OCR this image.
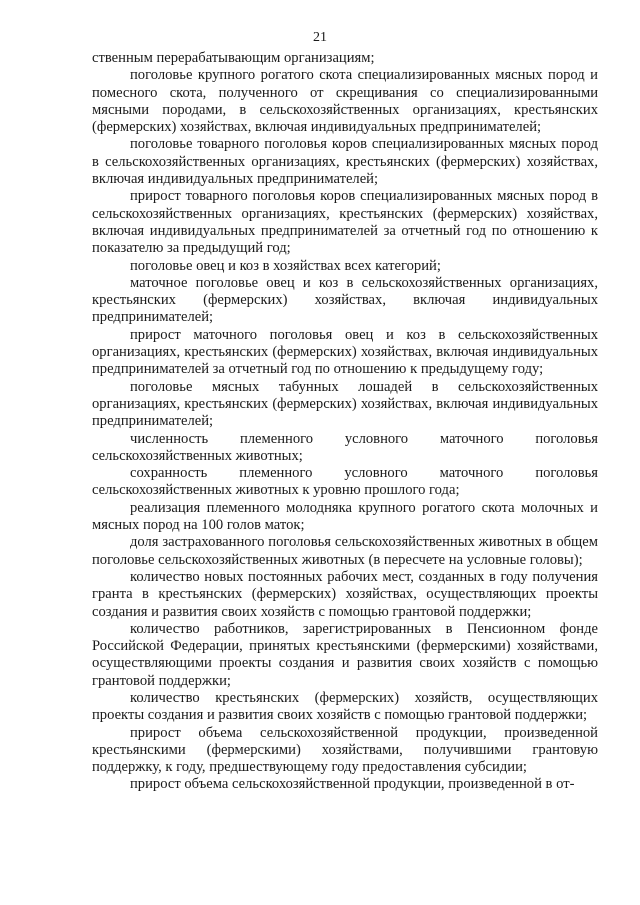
21

ственным перерабатывающим организациям;

поголовье крупного рогатого скота специализированных мясных пород и помесного скота, полученного от скрещивания со специализированными мясными породами, в сельскохозяйственных организациях, крестьянских (фермерских) хозяйствах, включая индивидуальных предпринимателей;

поголовье товарного поголовья коров специализированных мясных пород в сельскохозяйственных организациях, крестьянских (фермерских) хозяйствах, включая индивидуальных предпринимателей;

прирост товарного поголовья коров специализированных мясных пород в сельскохозяйственных организациях, крестьянских (фермерских) хозяйствах, включая индивидуальных предпринимателей за отчетный год по отношению к показателю за предыдущий год;

поголовье овец и коз в хозяйствах всех категорий;

маточное поголовье овец и коз в сельскохозяйственных организациях, крестьянских (фермерских) хозяйствах, включая индивидуальных предпринимателей;

прирост маточного поголовья овец и коз в сельскохозяйственных организациях, крестьянских (фермерских) хозяйствах, включая индивидуальных предпринимателей за отчетный год по отношению к предыдущему году;

поголовье мясных табунных лошадей в сельскохозяйственных организациях, крестьянских (фермерских) хозяйствах, включая индивидуальных предпринимателей;

численность племенного условного маточного поголовья сельскохозяйственных животных;

сохранность племенного условного маточного поголовья сельскохозяйственных животных к уровню прошлого года;

реализация племенного молодняка крупного рогатого скота молочных и мясных пород на 100 голов маток;

доля застрахованного поголовья сельскохозяйственных животных в общем поголовье сельскохозяйственных животных (в пересчете на условные головы);

количество новых постоянных рабочих мест, созданных в году получения гранта в крестьянских (фермерских) хозяйствах, осуществляющих проекты создания и развития своих хозяйств с помощью грантовой поддержки;

количество работников, зарегистрированных в Пенсионном фонде Российской Федерации, принятых крестьянскими (фермерскими) хозяйствами, осуществляющими проекты создания и развития своих хозяйств с помощью грантовой поддержки;

количество крестьянских (фермерских) хозяйств, осуществляющих проекты создания и развития своих хозяйств с помощью грантовой поддержки;

прирост объема сельскохозяйственной продукции, произведенной крестьянскими (фермерскими) хозяйствами, получившими грантовую поддержку, к году, предшествующему году предоставления субсидии;

прирост объема сельскохозяйственной продукции, произведенной в от-
